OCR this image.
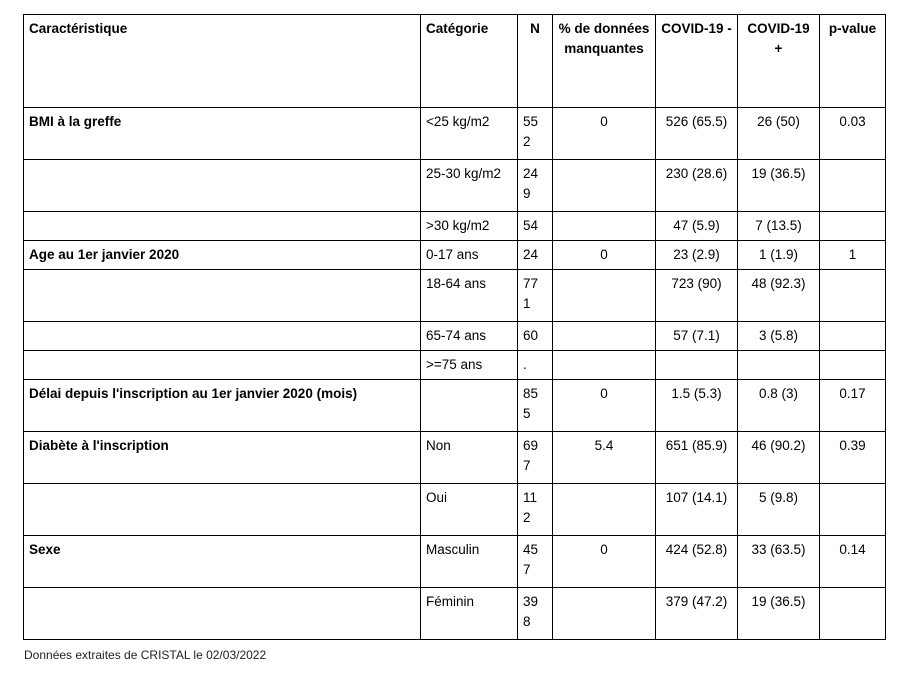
Caractéristique	Catégorie	N	% de données manquantes	COVID-19 -	COVID-19 +	p-value
BMI à la greffe	<25 kg/m2	55 2	0	526 (65.5)	26 (50)	0.03
	25-30 kg/m2	24 9		230 (28.6)	19 (36.5)	
	>30 kg/m2	54		47 (5.9)	7 (13.5)	
Age au 1er janvier 2020	0-17 ans	24	0	23 (2.9)	1 (1.9)	1
	18-64 ans	77 1		723 (90)	48 (92.3)	
	65-74 ans	60		57 (7.1)	3 (5.8)	
	>=75 ans	.				
Délai depuis l'inscription au 1er janvier 2020 (mois)		85 5	0	1.5 (5.3)	0.8 (3)	0.17
Diabète à l'inscription	Non	69 7	5.4	651 (85.9)	46 (90.2)	0.39
	Oui	11 2		107 (14.1)	5 (9.8)	
Sexe	Masculin	45 7	0	424 (52.8)	33 (63.5)	0.14
	Féminin	39 8		379 (47.2)	19 (36.5)	
Données extraites de CRISTAL le 02/03/2022
